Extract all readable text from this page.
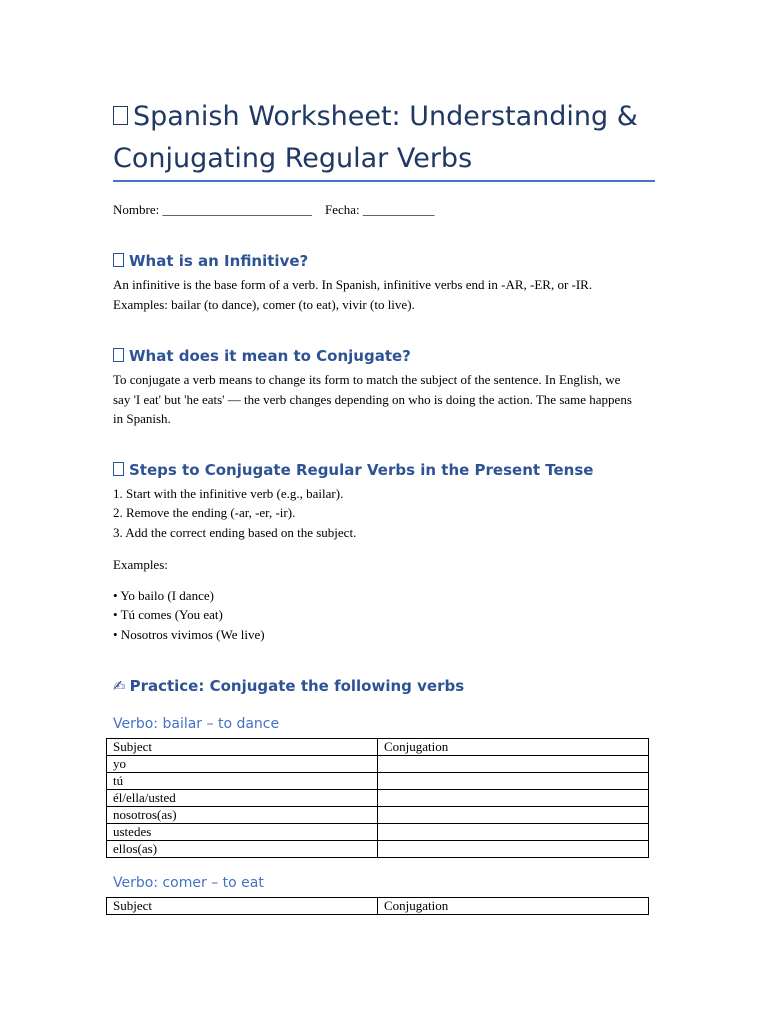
Spanish Worksheet: Understanding & Conjugating Regular Verbs
Nombre: _______________________ Fecha: ___________
What is an Infinitive?

An infinitive is the base form of a verb. In Spanish, infinitive verbs end in -AR, -ER, or -IR. Examples: bailar (to dance), comer (to eat), vivir (to live).

What does it mean to Conjugate?

To conjugate a verb means to change its form to match the subject of the sentence. In English, we say 'I eat' but 'he eats' — the verb changes depending on who is doing the action. The same happens in Spanish.

Steps to Conjugate Regular Verbs in the Present Tense
1. Start with the infinitive verb (e.g., bailar).
2. Remove the ending (-ar, -er, -ir).
3. Add the correct ending based on the subject.
Examples:
• Yo bailo (I dance)
• Tú comes (You eat)
• Nosotros vivimos (We live)
✍ Practice: Conjugate the following verbs
Verbo: bailar – to dance
Subject	Conjugation
yo	
tú	
él/ella/usted	
nosotros(as)	
ustedes	
ellos(as)	
Verbo: comer – to eat
Subject	Conjugation
